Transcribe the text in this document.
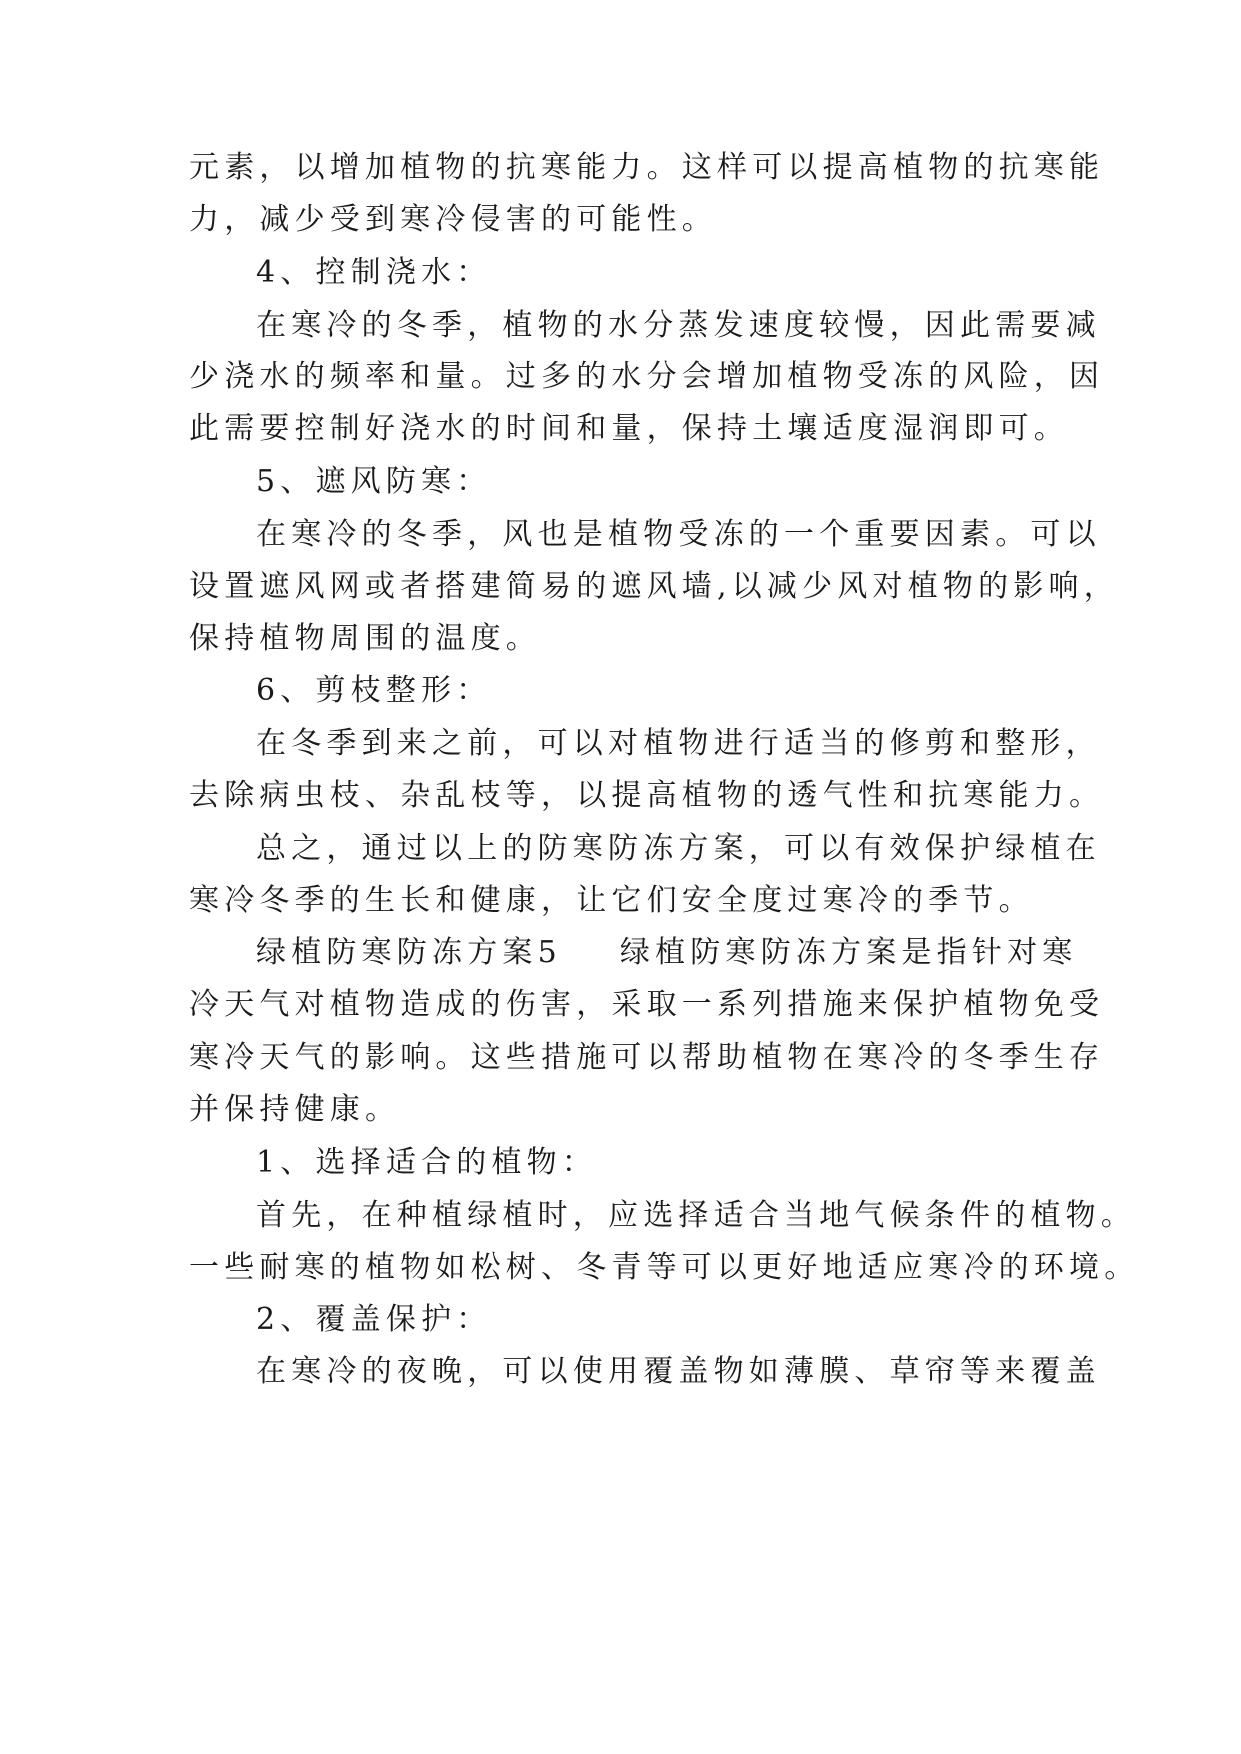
元素，以增加植物的抗寒能力。这样可以提高植物的抗寒能
力，减少受到寒冷侵害的可能性。
4、控制浇水：
在寒冷的冬季，植物的水分蒸发速度较慢，因此需要减
少浇水的频率和量。过多的水分会增加植物受冻的风险，因
此需要控制好浇水的时间和量，保持土壤适度湿润即可。
5、遮风防寒：
在寒冷的冬季，风也是植物受冻的一个重要因素。可以
设置遮风网或者搭建简易的遮风墙,以减少风对植物的影响，
保持植物周围的温度。
6、剪枝整形：
在冬季到来之前，可以对植物进行适当的修剪和整形，
去除病虫枝、杂乱枝等，以提高植物的透气性和抗寒能力。
总之，通过以上的防寒防冻方案，可以有效保护绿植在
寒冷冬季的生长和健康，让它们安全度过寒冷的季节。
绿植防寒防冻方案5 绿植防寒防冻方案是指针对寒
冷天气对植物造成的伤害，采取一系列措施来保护植物免受
寒冷天气的影响。这些措施可以帮助植物在寒冷的冬季生存
并保持健康。
1、选择适合的植物：
首先，在种植绿植时，应选择适合当地气候条件的植物。
一些耐寒的植物如松树、冬青等可以更好地适应寒冷的环境。
2、覆盖保护：
在寒冷的夜晚，可以使用覆盖物如薄膜、草帘等来覆盖
